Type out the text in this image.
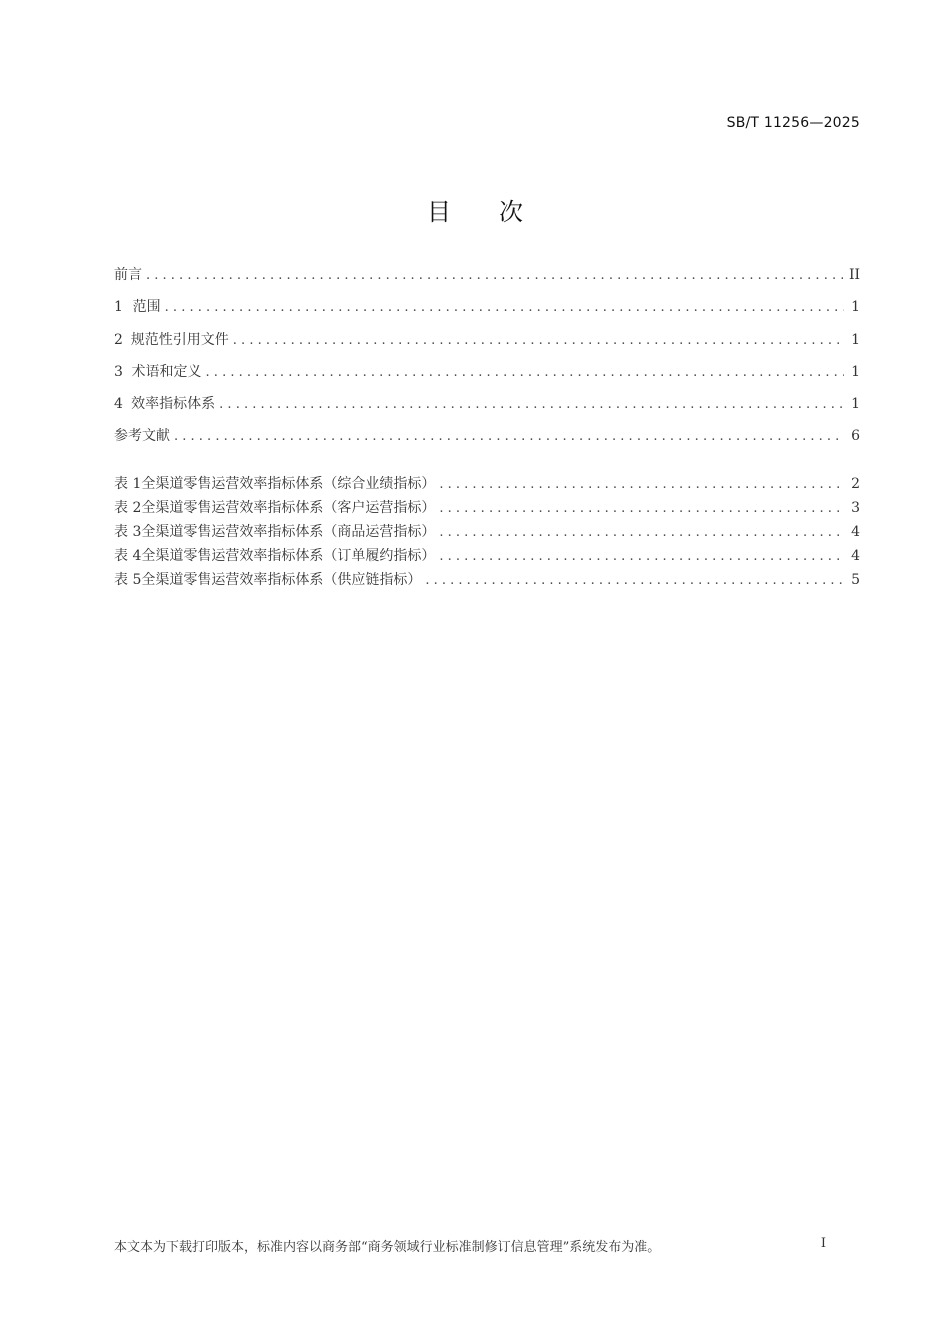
SB/T 11256—2025
目 次
前言 . . .	II
1 范围 . . .	1
2 规范性引用文件 . . .	1
3 术语和定义 . . .	1
4 效率指标体系 . . .	1
参考文献 . . .	6
表 1 全渠道零售运营效率指标体系（综合业绩指标） . . .	2
表 2 全渠道零售运营效率指标体系（客户运营指标） . . .	3
表 3 全渠道零售运营效率指标体系（商品运营指标） . . .	4
表 4 全渠道零售运营效率指标体系（订单履约指标） . . .	4
表 5 全渠道零售运营效率指标体系（供应链指标） . . .	5
本文本为下载打印版本，标准内容以商务部“商务领域行业标准制修订信息管理”系统发布为准。	I
